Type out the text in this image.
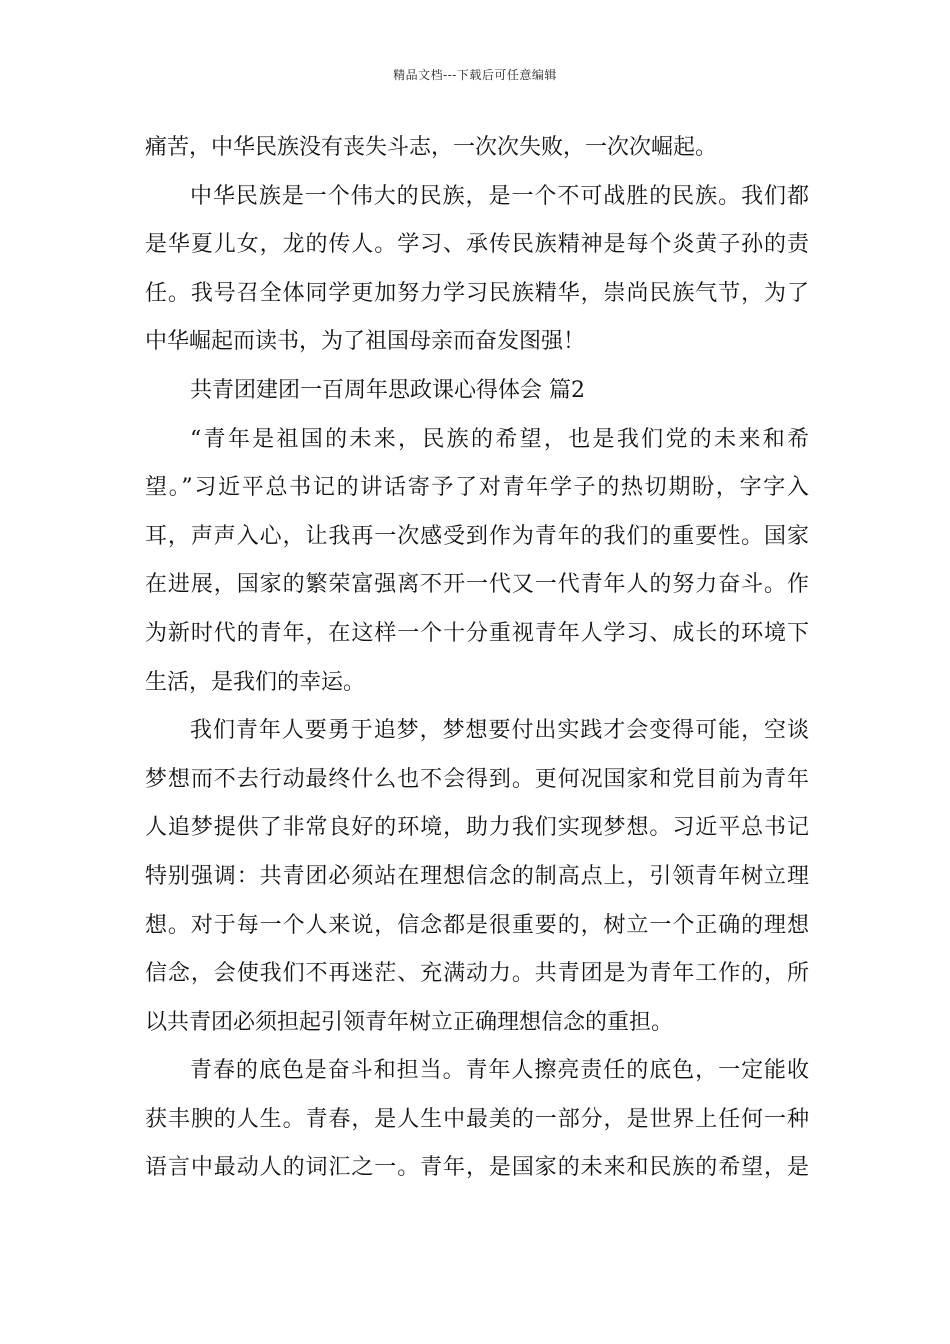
精品文档---下载后可任意编辑
痛苦，中华民族没有丧失斗志，一次次失败，一次次崛起。
中华民族是一个伟大的民族，是一个不可战胜的民族。我们都
是华夏儿女，龙的传人。学习、承传民族精神是每个炎黄子孙的责
任。我号召全体同学更加努力学习民族精华，崇尚民族气节，为了
中华崛起而读书，为了祖国母亲而奋发图强！
共青团建团一百周年思政课心得体会 篇2
“青年是祖国的未来，民族的希望，也是我们党的未来和希
望。”习近平总书记的讲话寄予了对青年学子的热切期盼，字字入
耳，声声入心，让我再一次感受到作为青年的我们的重要性。国家
在进展，国家的繁荣富强离不开一代又一代青年人的努力奋斗。作
为新时代的青年，在这样一个十分重视青年人学习、成长的环境下
生活，是我们的幸运。
我们青年人要勇于追梦，梦想要付出实践才会变得可能，空谈
梦想而不去行动最终什么也不会得到。更何况国家和党目前为青年
人追梦提供了非常良好的环境，助力我们实现梦想。习近平总书记
特别强调：共青团必须站在理想信念的制高点上，引领青年树立理
想。对于每一个人来说，信念都是很重要的，树立一个正确的理想
信念，会使我们不再迷茫、充满动力。共青团是为青年工作的，所
以共青团必须担起引领青年树立正确理想信念的重担。
青春的底色是奋斗和担当。青年人擦亮责任的底色，一定能收
获丰腴的人生。青春，是人生中最美的一部分，是世界上任何一种
语言中最动人的词汇之一。青年，是国家的未来和民族的希望，是
